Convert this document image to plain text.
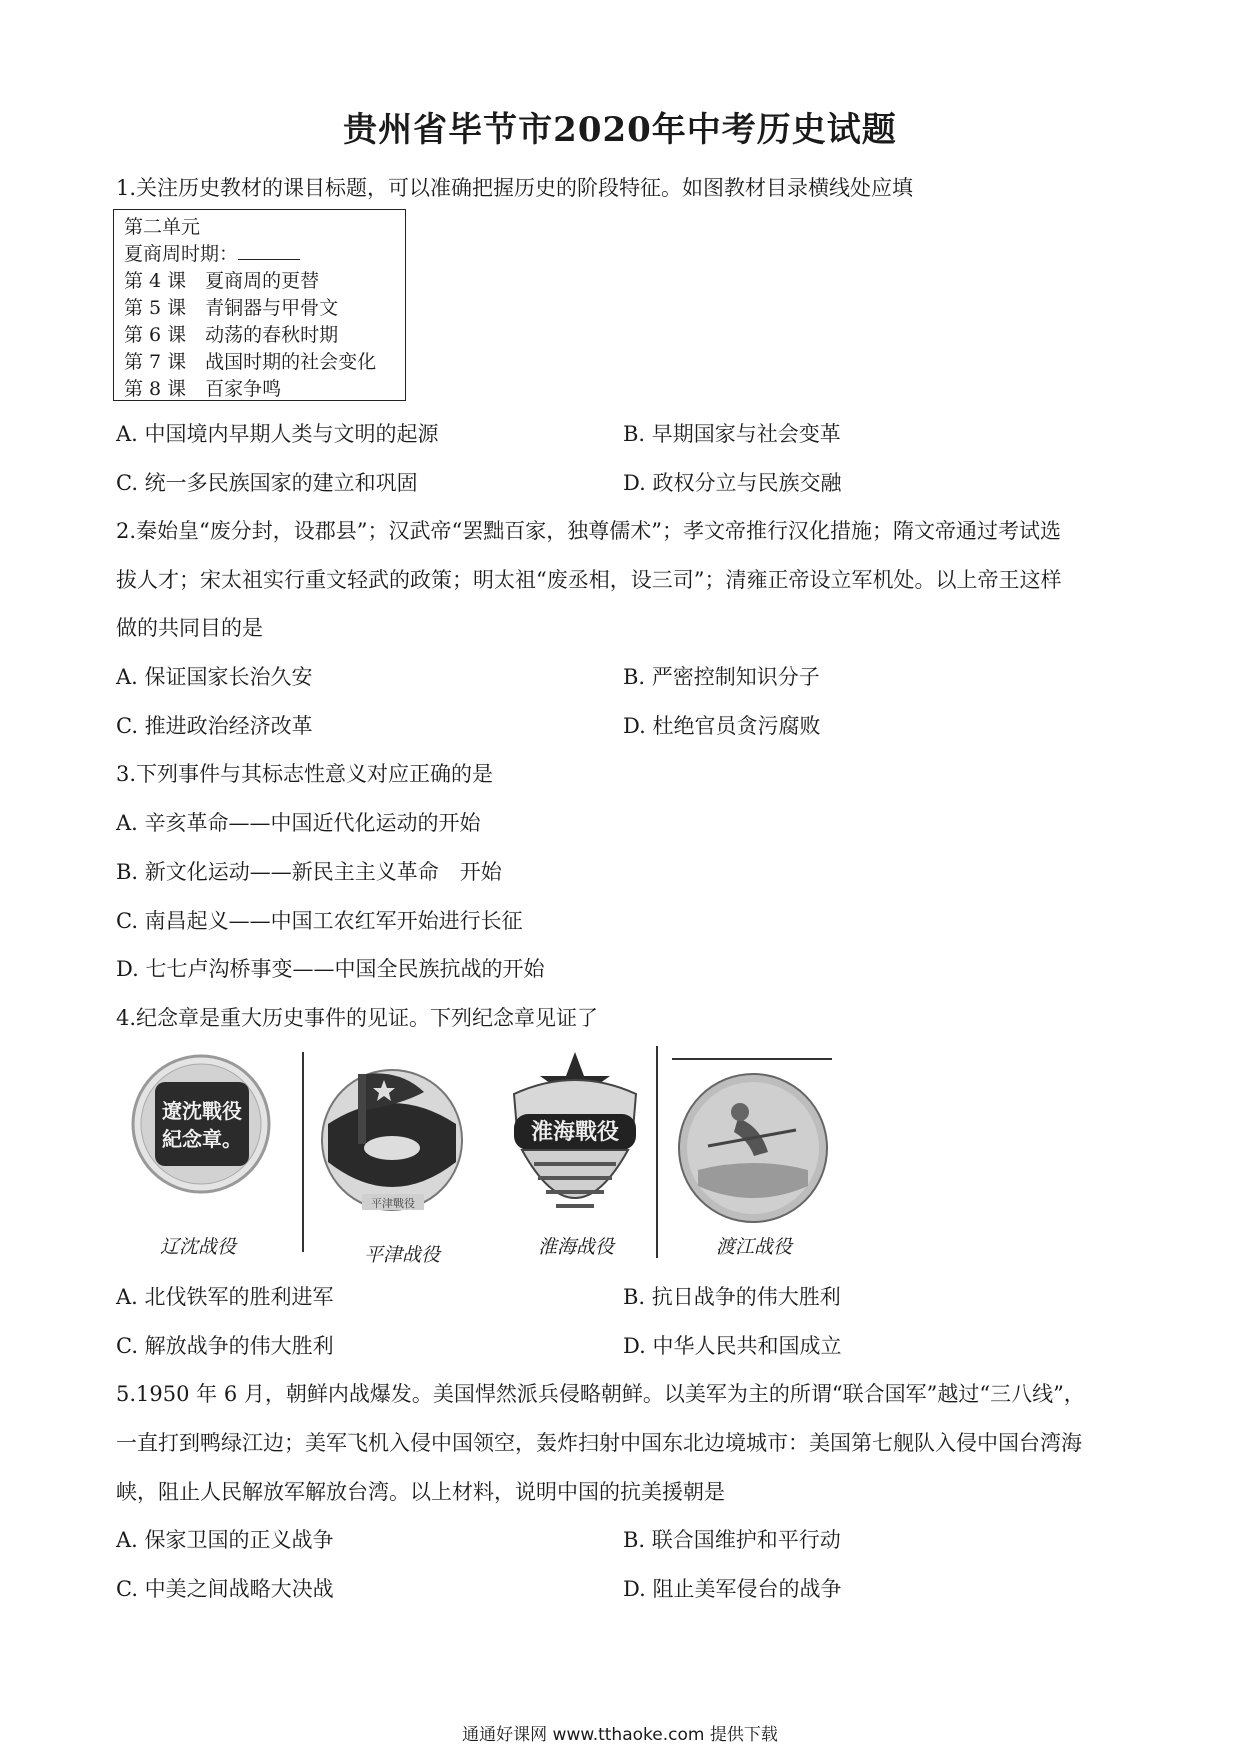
贵州省毕节市2020年中考历史试题
1.关注历史教材的课目标题，可以准确把握历史的阶段特征。如图教材目录横线处应填
第二单元
夏商周时期：
第 4 课　夏商周的更替
第 5 课　青铜器与甲骨文
第 6 课　动荡的春秋时期
第 7 课　战国时期的社会变化
第 8 课　百家争鸣
A. 中国境内早期人类与文明的起源	B. 早期国家与社会变革
C. 统一多民族国家的建立和巩固	D. 政权分立与民族交融
2.秦始皇“废分封，设郡县”；汉武帝“罢黜百家，独尊儒术”；孝文帝推行汉化措施；隋文帝通过考试选
拔人才；宋太祖实行重文轻武的政策；明太祖“废丞相，设三司”；清雍正帝设立军机处。以上帝王这样
做的共同目的是
A. 保证国家长治久安	B. 严密控制知识分子
C. 推进政治经济改革	D. 杜绝官员贪污腐败
3.下列事件与其标志性意义对应正确的是
A. 辛亥革命——中国近代化运动的开始
B. 新文化运动——新民主主义革命　开始
C. 南昌起义——中国工农红军开始进行长征
D. 七七卢沟桥事变——中国全民族抗战的开始
4.纪念章是重大历史事件的见证。下列纪念章见证了
遼沈戰役
紀念章。
辽沈战役
平津戰役
平津战役
淮海戰役
淮海战役	渡江战役
A. 北伐铁军的胜利进军	B. 抗日战争的伟大胜利
C. 解放战争的伟大胜利	D. 中华人民共和国成立
5.1950 年 6 月，朝鲜内战爆发。美国悍然派兵侵略朝鲜。以美军为主的所谓“联合国军”越过“三八线”，
一直打到鸭绿江边；美军飞机入侵中国领空，轰炸扫射中国东北边境城市：美国第七舰队入侵中国台湾海
峡，阻止人民解放军解放台湾。以上材料，说明中国的抗美援朝是
A. 保家卫国的正义战争	B. 联合国维护和平行动
C. 中美之间战略大决战	D. 阻止美军侵台的战争
通通好课网 www.tthaoke.com 提供下载
